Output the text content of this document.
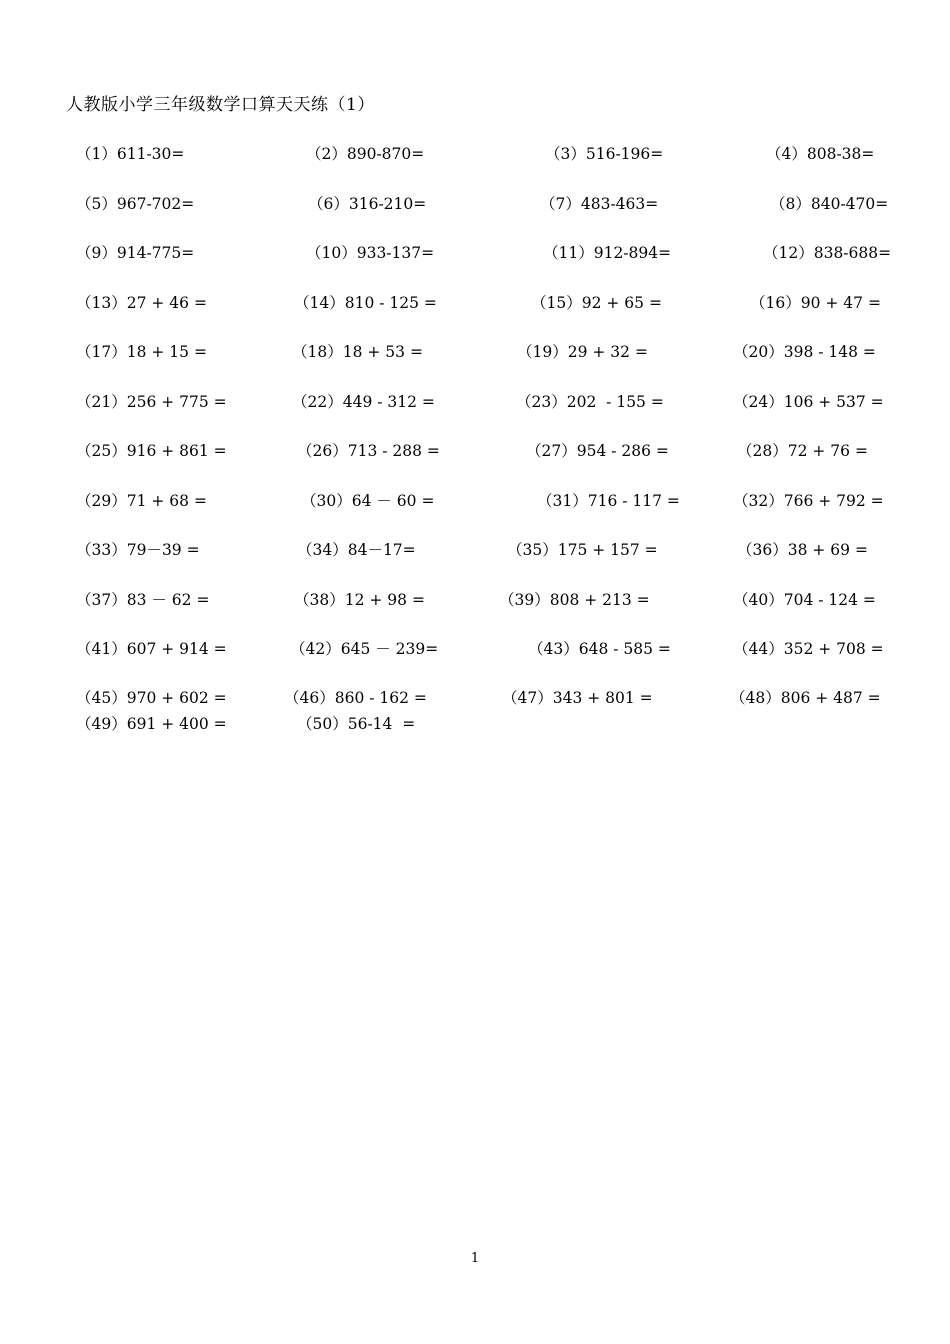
人教版小学三年级数学口算天天练（1）
（1）611-30=	（2）890-870=	（3）516-196=	（4）808-38=
（5）967-702=	（6）316-210=	（7）483-463=	（8）840-470=
（9）914-775=	（10）933-137=	（11）912-894=	（12）838-688=
（13）27 + 46 =	（14）810 - 125 =	（15）92 + 65 =	（16）90 + 47 =
（17）18 + 15 =	（18）18 + 53 =	（19）29 + 32 =	（20）398 - 148 =
（21）256 + 775 =	（22）449 - 312 =	（23）202  - 155 =	（24）106 + 537 =
（25）916 + 861 =	（26）713 - 288 =	（27）954 - 286 =	（28）72 + 76 =
（29）71 + 68 =	（30）64 － 60 =	（31）716 - 117 =	（32）766 + 792 =
（33）79－39 =	（34）84－17=	（35）175 + 157 =	（36）38 + 69 =
（37）83 － 62 =	（38）12 + 98 =	（39）808 + 213 =	（40）704 - 124 =
（41）607 + 914 =	（42）645 － 239=	（43）648 - 585 =	（44）352 + 708 =
（45）970 + 602 =	（46）860 - 162 =	（47）343 + 801 =	（48）806 + 487 =
（49）691 + 400 =	（50）56-14  =
1
